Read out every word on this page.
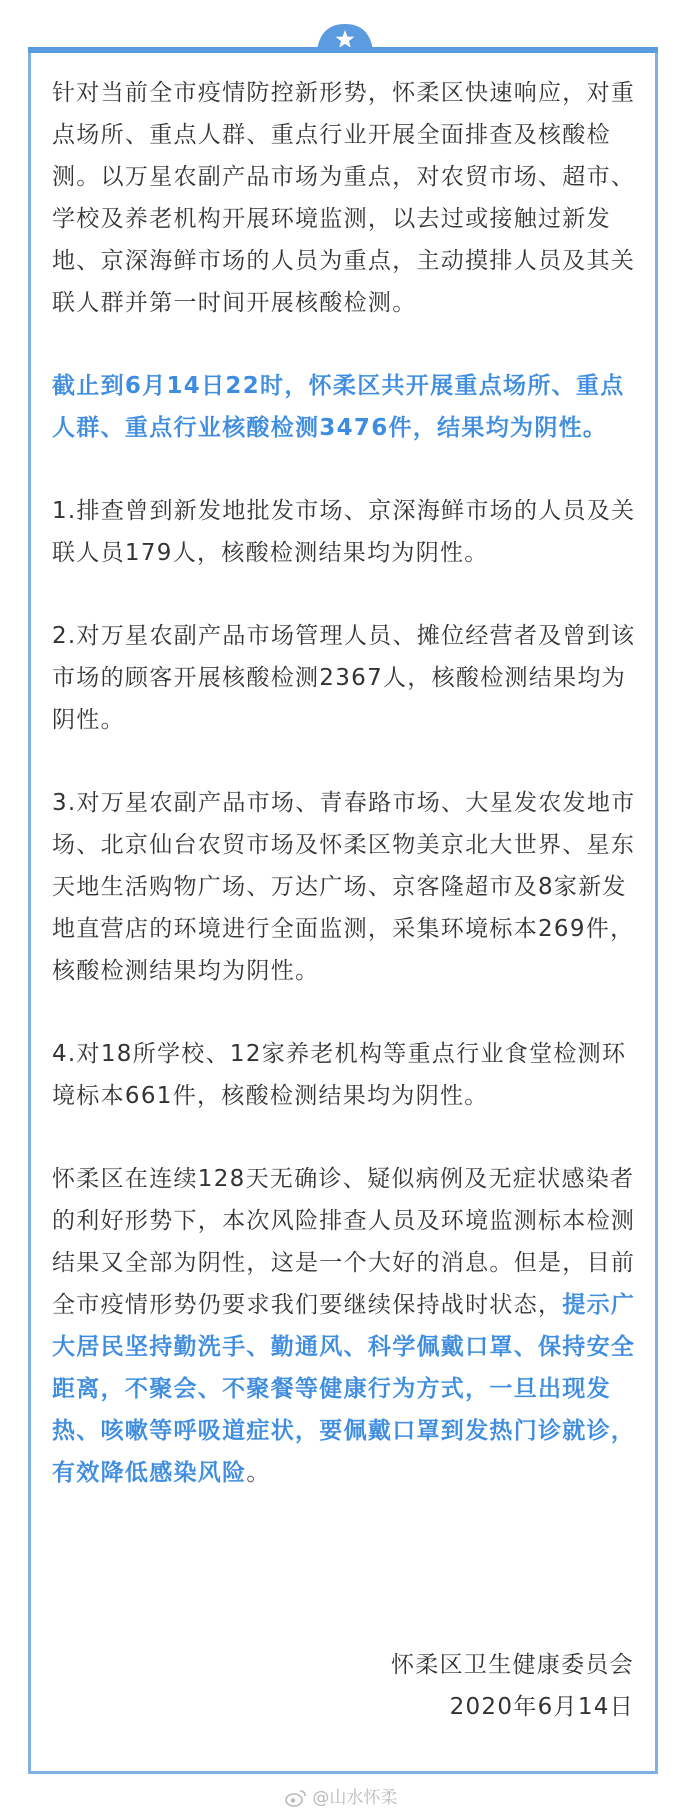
针对当前全市疫情防控新形势，怀柔区快速响应，对重点场所、重点人群、重点行业开展全面排查及核酸检测。以万星农副产品市场为重点，对农贸市场、超市、学校及养老机构开展环境监测，以去过或接触过新发地、京深海鲜市场的人员为重点，主动摸排人员及其关联人群并第一时间开展核酸检测。

截止到6月14日22时，怀柔区共开展重点场所、重点人群、重点行业核酸检测3476件，结果均为阴性。

1.排查曾到新发地批发市场、京深海鲜市场的人员及关联人员179人，核酸检测结果均为阴性。

2.对万星农副产品市场管理人员、摊位经营者及曾到该市场的顾客开展核酸检测2367人，核酸检测结果均为阴性。

3.对万星农副产品市场、青春路市场、大星发农发地市场、北京仙台农贸市场及怀柔区物美京北大世界、星东天地生活购物广场、万达广场、京客隆超市及8家新发地直营店的环境进行全面监测，采集环境标本269件，核酸检测结果均为阴性。

4.对18所学校、12家养老机构等重点行业食堂检测环境标本661件，核酸检测结果均为阴性。

怀柔区在连续128天无确诊、疑似病例及无症状感染者的利好形势下，本次风险排查人员及环境监测标本检测结果又全部为阴性，这是一个大好的消息。但是，目前全市疫情形势仍要求我们要继续保持战时状态，提示广大居民坚持勤洗手、勤通风、科学佩戴口罩、保持安全距离，不聚会、不聚餐等健康行为方式，一旦出现发热、咳嗽等呼吸道症状，要佩戴口罩到发热门诊就诊，有效降低感染风险。

怀柔区卫生健康委员会
2020年6月14日
@山水怀柔
